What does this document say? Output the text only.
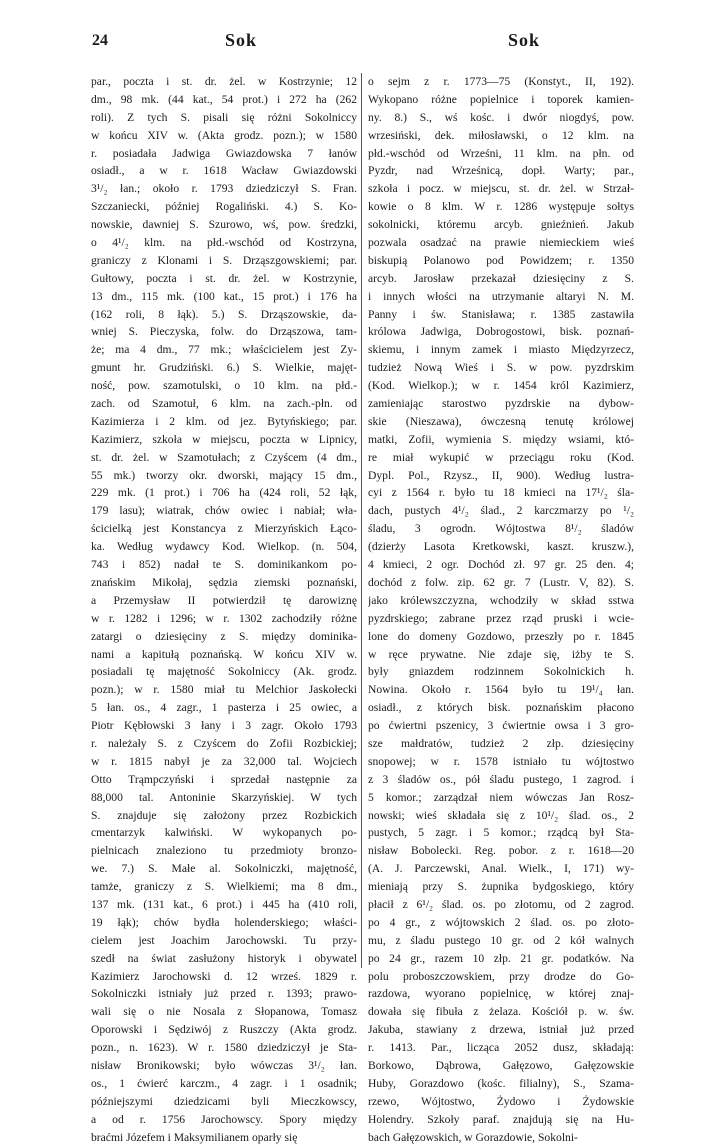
24	Sok	Sok
par., poczta i st. dr. żel. w Kostrzynie; 12
dm., 98 mk. (44 kat., 54 prot.) i 272 ha (262
roli). Z tych S. pisali się różni Sokolniccy
w końcu XIV w. (Akta grodz. pozn.); w 1580
r. posiadała Jadwiga Gwiazdowska 7 łanów
osiadł., a w r. 1618 Wacław Gwiazdowski
3¹/₂ łan.; około r. 1793 dziedziczył S. Fran.
Szczaniecki, później Rogaliński. 4.) S. Ko-
nowskie, dawniej S. Szurowo, wś, pow. średzki,
o 4¹/₂ klm. na płd.-wschód od Kostrzyna,
graniczy z Klonami i S. Drząszgowskiemi; par.
Gułtowy, poczta i st. dr. żel. w Kostrzynie,
13 dm., 115 mk. (100 kat., 15 prot.) i 176 ha
(162 roli, 8 łąk). 5.) S. Drząszowskie, da-
wniej S. Pieczyska, folw. do Drząszowa, tam-
że; ma 4 dm., 77 mk.; właścicielem jest Zy-
gmunt hr. Grudziński. 6.) S. Wielkie, majęt-
ność, pow. szamotulski, o 10 klm. na płd.-
zach. od Szamotuł, 6 klm. na zach.-płn. od
Kazimierza i 2 klm. od jez. Bytyńskiego; par.
Kazimierz, szkoła w miejscu, poczta w Lipnicy,
st. dr. żel. w Szamotułach; z Czyścem (4 dm.,
55 mk.) tworzy okr. dworski, mający 15 dm.,
229 mk. (1 prot.) i 706 ha (424 roli, 52 łąk,
179 lasu); wiatrak, chów owiec i nabiał; wła-
ścicielką jest Konstancya z Mierzyńskich Łąco-
ka. Według wydawcy Kod. Wielkop. (n. 504,
743 i 852) nadał te S. dominikankom po-
znańskim Mikołaj, sędzia ziemski poznański,
a Przemysław II potwierdził tę darowiznę
w r. 1282 i 1296; w r. 1302 zachodziły różne
zatargi o dziesięciny z S. między dominika-
nami a kapitułą poznańską. W końcu XIV w.
posiadali tę majętność Sokolniccy (Ak. grodz.
pozn.); w r. 1580 miał tu Melchior Jaskołecki
5 łan. os., 4 zagr., 1 pasterza i 25 owiec, a
Piotr Kębłowski 3 łany i 3 zagr. Około 1793
r. należały S. z Czyścem do Zofii Rozbickiej;
w r. 1815 nabył je za 32,000 tal. Wojciech
Otto Trąmpczyński i sprzedał następnie za
88,000 tal. Antoninie Skarzyńskiej. W tych
S. znajduje się założony przez Rozbickich
cmentarzyk kalwiński. W wykopanych po-
pielnicach znaleziono tu przedmioty bronzo-
we. 7.) S. Małe al. Sokolniczki, majętność,
tamże, graniczy z S. Wielkiemi; ma 8 dm.,
137 mk. (131 kat., 6 prot.) i 445 ha (410 roli,
19 łąk); chów bydła holenderskiego; właści-
cielem jest Joachim Jarochowski. Tu przy-
szedł na świat zasłużony historyk i obywatel
Kazimierz Jarochowski d. 12 wrześ. 1829 r.
Sokolniczki istniały już przed r. 1393; prawo-
wali się o nie Nosala z Słopanowa, Tomasz
Oporowski i Sędziwój z Ruszczy (Akta grodz.
pozn., n. 1623). W r. 1580 dziedziczył je Sta-
nisław Bronikowski; było wówczas 3¹/₂ łan.
os., 1 ćwierć karczm., 4 zagr. i 1 osadnik;
późniejszymi dziedzicami byli Mieczkowscy,
a od r. 1756 Jarochowscy. Spory między
braćmi Józefem i Maksymilianem oparły się
o sejm z r. 1773—75 (Konstyt., II, 192).
Wykopano różne popielnice i toporek kamien-
ny. 8.) S., wś kośc. i dwór niogdyś, pow.
wrzesiński, dek. miłosławski, o 12 klm. na
płd.-wschód od Wrześni, 11 klm. na płn. od
Pyzdr, nad Wrześnicą, dopł. Warty; par.,
szkoła i pocz. w miejscu, st. dr. żel. w Strzał-
kowie o 8 klm. W r. 1286 występuje sołtys
sokolnicki, któremu arcyb. gnieźnień. Jakub
pozwala osadzać na prawie niemieckiem wieś
biskupią Polanowo pod Powidzem; r. 1350
arcyb. Jarosław przekazał dziesięciny z S.
i innych włości na utrzymanie altaryi N. M.
Panny i św. Stanisława; r. 1385 zastawiła
królowa Jadwiga, Dobrogostowi, bisk. poznań-
skiemu, i innym zamek i miasto Międzyrzecz,
tudzież Nową Wieś i S. w pow. pyzdrskim
(Kod. Wielkop.); w r. 1454 król Kazimierz,
zamieniając starostwo pyzdrskie na dybow-
skie (Nieszawa), ówczesną tenutę królowej
matki, Zofii, wymienia S. między wsiami, któ-
re miał wykupić w przeciągu roku (Kod.
Dypl. Pol., Rzysz., II, 900). Według lustra-
cyi z 1564 r. było tu 18 kmieci na 17¹/₂ śla-
dach, pustych 4¹/₂ ślad., 2 karczmarzy po ¹/₂
śladu, 3 ogrodn. Wójtostwa 8¹/₂ śladów
(dzierży Lasota Kretkowski, kaszt. kruszw.),
4 kmieci, 2 ogr. Dochód zł. 97 gr. 25 den. 4;
dochód z folw. zip. 62 gr. 7 (Lustr. V, 82). S.
jako królewszczyzna, wchodziły w skład sstwa
pyzdrskiego; zabrane przez rząd pruski i wcie-
lone do domeny Gozdowo, przeszły po r. 1845
w ręce prywatne. Nie zdaje się, iżby te S.
były gniazdem rodzinnem Sokolnickich h.
Nowina. Około r. 1564 było tu 19¹/₄ łan.
osiadł., z których bisk. poznańskim płacono
po ćwiertni pszenicy, 3 ćwiertnie owsa i 3 gro-
sze małdratów, tudzież 2 złp. dziesięciny
snopowej; w r. 1578 istniało tu wójtostwo
z 3 śladów os., pół śladu pustego, 1 zagrod. i
5 komor.; zarządzał niem wówczas Jan Rosz-
nowski; wieś składała się z 10¹/₂ ślad. os., 2
pustych, 5 zagr. i 5 komor.; rządcą był Sta-
nisław Bobolecki. Reg. pobor. z r. 1618—20
(A. J. Parczewski, Anal. Wielk., I, 171) wy-
mieniają przy S. żupnika bydgoskiego, który
płacił z 6¹/₂ ślad. os. po złotomu, od 2 zagrod.
po 4 gr., z wójtowskich 2 ślad. os. po złoto-
mu, z śladu pustego 10 gr. od 2 kół walnych
po 24 gr., razem 10 złp. 21 gr. podatków. Na
polu proboszczowskiem, przy drodze do Go-
razdowa, wyorano popielnicę, w której znaj-
dowała się fibuła z żelaza. Kościół p. w. św.
Jakuba, stawiany z drzewa, istniał już przed
r. 1413. Par., licząca 2052 dusz, składają:
Borkowo, Dąbrowa, Gałęzowo, Gałęzowskie
Huby, Gorazdowo (kośc. filialny), S., Szama-
rzewo, Wójtostwo, Żydowo i Żydowskie
Holendry. Szkoły paraf. znajdują się na Hu-
bach Gałęzowskich, w Gorazdowie, Sokolni-
